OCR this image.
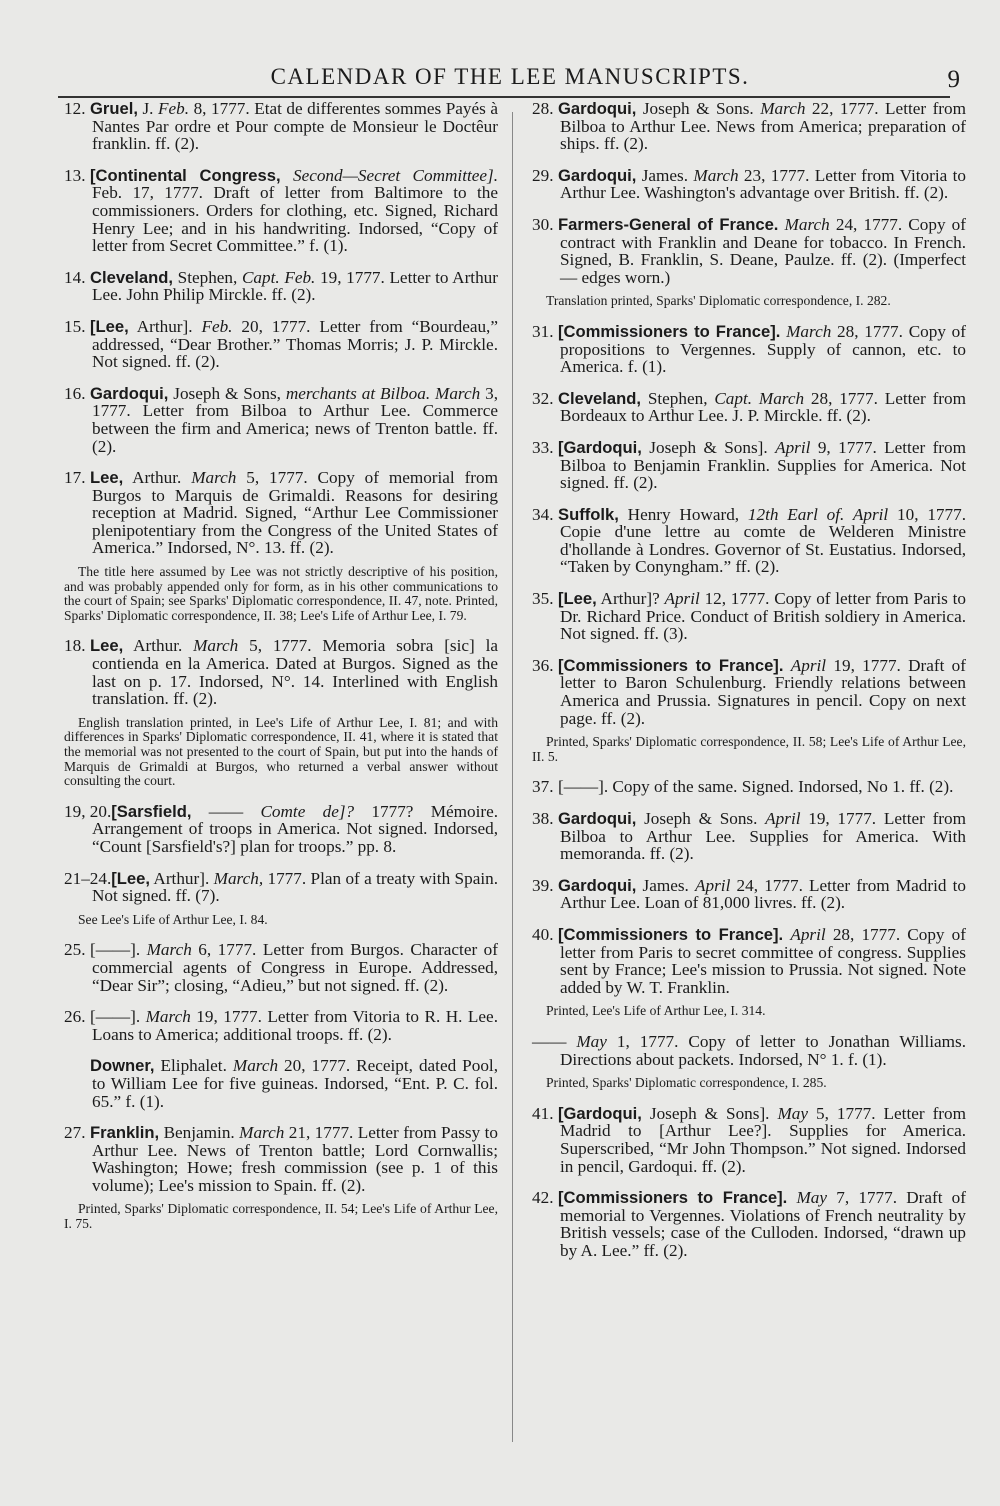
CALENDAR OF THE LEE MANUSCRIPTS.	9
12. Gruel, J. Feb. 8, 1777. Etat de differentes sommes Payés à Nantes Par ordre et Pour compte de Monsieur le Doctêur franklin. ff. (2).
13. [Continental Congress, Second—Secret Committee]. Feb. 17, 1777. Draft of letter from Baltimore to the commissioners. Orders for clothing, etc. Signed, Richard Henry Lee; and in his handwriting. Indorsed, “Copy of letter from Secret Committee.” f. (1).
14. Cleveland, Stephen, Capt. Feb. 19, 1777. Letter to Arthur Lee. John Philip Mirckle. ff. (2).
15. [Lee, Arthur]. Feb. 20, 1777. Letter from “Bourdeau,” addressed, “Dear Brother.” Thomas Morris; J. P. Mirckle. Not signed. ff. (2).
16. Gardoqui, Joseph & Sons, merchants at Bilboa. March 3, 1777. Letter from Bilboa to Arthur Lee. Commerce between the firm and America; news of Trenton battle. ff. (2).
17. Lee, Arthur. March 5, 1777. Copy of memorial from Burgos to Marquis de Grimaldi. Reasons for desiring reception at Madrid. Signed, “Arthur Lee Commissioner plenipotentiary from the Congress of the United States of America.” Indorsed, N°. 13. ff. (2).
The title here assumed by Lee was not strictly descriptive of his position, and was probably appended only for form, as in his other communications to the court of Spain; see Sparks' Diplomatic correspondence, II. 47, note. Printed, Sparks' Diplomatic correspondence, II. 38; Lee's Life of Arthur Lee, I. 79.
18. Lee, Arthur. March 5, 1777. Memoria sobra [sic] la contienda en la America. Dated at Burgos. Signed as the last on p. 17. Indorsed, N°. 14. Interlined with English translation. ff. (2).
English translation printed, in Lee's Life of Arthur Lee, I. 81; and with differences in Sparks' Diplomatic correspondence, II. 41, where it is stated that the memorial was not presented to the court of Spain, but put into the hands of Marquis de Grimaldi at Burgos, who returned a verbal answer without consulting the court.
19, 20.[Sarsfield, —— Comte de]? 1777? Mémoire. Arrangement of troops in America. Not signed. Indorsed, “Count [Sarsfield's?] plan for troops.” pp. 8.
21–24.[Lee, Arthur]. March, 1777. Plan of a treaty with Spain. Not signed. ff. (7).
See Lee's Life of Arthur Lee, I. 84.
25. [——]. March 6, 1777. Letter from Burgos. Character of commercial agents of Congress in Europe. Addressed, “Dear Sir”; closing, “Adieu,” but not signed. ff. (2).
26. [——]. March 19, 1777. Letter from Vitoria to R. H. Lee. Loans to America; additional troops. ff. (2).
Downer, Eliphalet. March 20, 1777. Receipt, dated Pool, to William Lee for five guineas. Indorsed, “Ent. P. C. fol. 65.” f. (1).
27. Franklin, Benjamin. March 21, 1777. Letter from Passy to Arthur Lee. News of Trenton battle; Lord Cornwallis; Washington; Howe; fresh commission (see p. 1 of this volume); Lee's mission to Spain. ff. (2).
Printed, Sparks' Diplomatic correspondence, II. 54; Lee's Life of Arthur Lee, I. 75.
28. Gardoqui, Joseph & Sons. March 22, 1777. Letter from Bilboa to Arthur Lee. News from America; preparation of ships. ff. (2).
29. Gardoqui, James. March 23, 1777. Letter from Vitoria to Arthur Lee. Washington's advantage over British. ff. (2).
30. Farmers-General of France. March 24, 1777. Copy of contract with Franklin and Deane for tobacco. In French. Signed, B. Franklin, S. Deane, Paulze. ff. (2). (Imperfect — edges worn.)
Translation printed, Sparks' Diplomatic correspondence, I. 282.
31. [Commissioners to France]. March 28, 1777. Copy of propositions to Vergennes. Supply of cannon, etc. to America. f. (1).
32. Cleveland, Stephen, Capt. March 28, 1777. Letter from Bordeaux to Arthur Lee. J. P. Mirckle. ff. (2).
33. [Gardoqui, Joseph & Sons]. April 9, 1777. Letter from Bilboa to Benjamin Franklin. Supplies for America. Not signed. ff. (2).
34. Suffolk, Henry Howard, 12th Earl of. April 10, 1777. Copie d'une lettre au comte de Welderen Ministre d'hollande à Londres. Governor of St. Eustatius. Indorsed, “Taken by Conyngham.” ff. (2).
35. [Lee, Arthur]? April 12, 1777. Copy of letter from Paris to Dr. Richard Price. Conduct of British soldiery in America. Not signed. ff. (3).
36. [Commissioners to France]. April 19, 1777. Draft of letter to Baron Schulenburg. Friendly relations between America and Prussia. Signatures in pencil. Copy on next page. ff. (2).
Printed, Sparks' Diplomatic correspondence, II. 58; Lee's Life of Arthur Lee, II. 5.
37. [——]. Copy of the same. Signed. Indorsed, No 1. ff. (2).
38. Gardoqui, Joseph & Sons. April 19, 1777. Letter from Bilboa to Arthur Lee. Supplies for America. With memoranda. ff. (2).
39. Gardoqui, James. April 24, 1777. Letter from Madrid to Arthur Lee. Loan of 81,000 livres. ff. (2).
40. [Commissioners to France]. April 28, 1777. Copy of letter from Paris to secret committee of congress. Supplies sent by France; Lee's mission to Prussia. Not signed. Note added by W. T. Franklin.
Printed, Lee's Life of Arthur Lee, I. 314.
—— May 1, 1777. Copy of letter to Jonathan Williams. Directions about packets. Indorsed, N° 1. f. (1).
Printed, Sparks' Diplomatic correspondence, I. 285.
41. [Gardoqui, Joseph & Sons]. May 5, 1777. Letter from Madrid to [Arthur Lee?]. Supplies for America. Superscribed, “Mr John Thompson.” Not signed. Indorsed in pencil, Gardoqui. ff. (2).
42. [Commissioners to France]. May 7, 1777. Draft of memorial to Vergennes. Violations of French neutrality by British vessels; case of the Culloden. Indorsed, “drawn up by A. Lee.” ff. (2).
